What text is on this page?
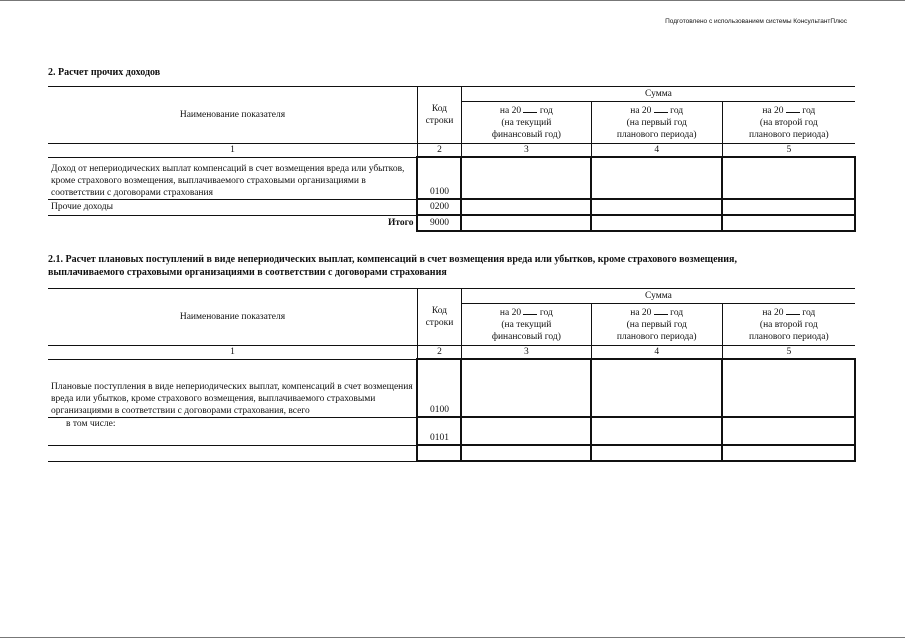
Подготовлено с использованием системы КонсультантПлюс
2. Расчет прочих доходов
Наименование показателя	Код строки	Сумма		
		на 20 год
(на текущий
финансовый год)	на 20 год
(на первый год
планового периода)	на 20 год
(на второй год
планового периода)
1	2	3	4	5
Доход от непериодических выплат компенсаций в счет возмещения вреда или убытков, кроме страхового возмещения, выплачиваемого страховыми организациями в соответствии с договорами страхования	0100			
Прочие доходы	0200			
Итого	9000			
2.1. Расчет плановых поступлений в виде непериодических выплат, компенсаций в счет возмещения вреда или убытков, кроме страхового возмещения,
выплачиваемого страховыми организациями в соответствии с договорами страхования
Наименование показателя	Код строки	Сумма		
		на 20 год
(на текущий
финансовый год)	на 20 год
(на первый год
планового периода)	на 20 год
(на второй год
планового периода)
1	2	3	4	5
Плановые поступления в виде непериодических выплат, компенсаций в счет возмещения вреда или убытков, кроме страхового возмещения, выплачиваемого страховыми организациями в соответствии с договорами страхования, всего	0100			
в том числе:	0101			
